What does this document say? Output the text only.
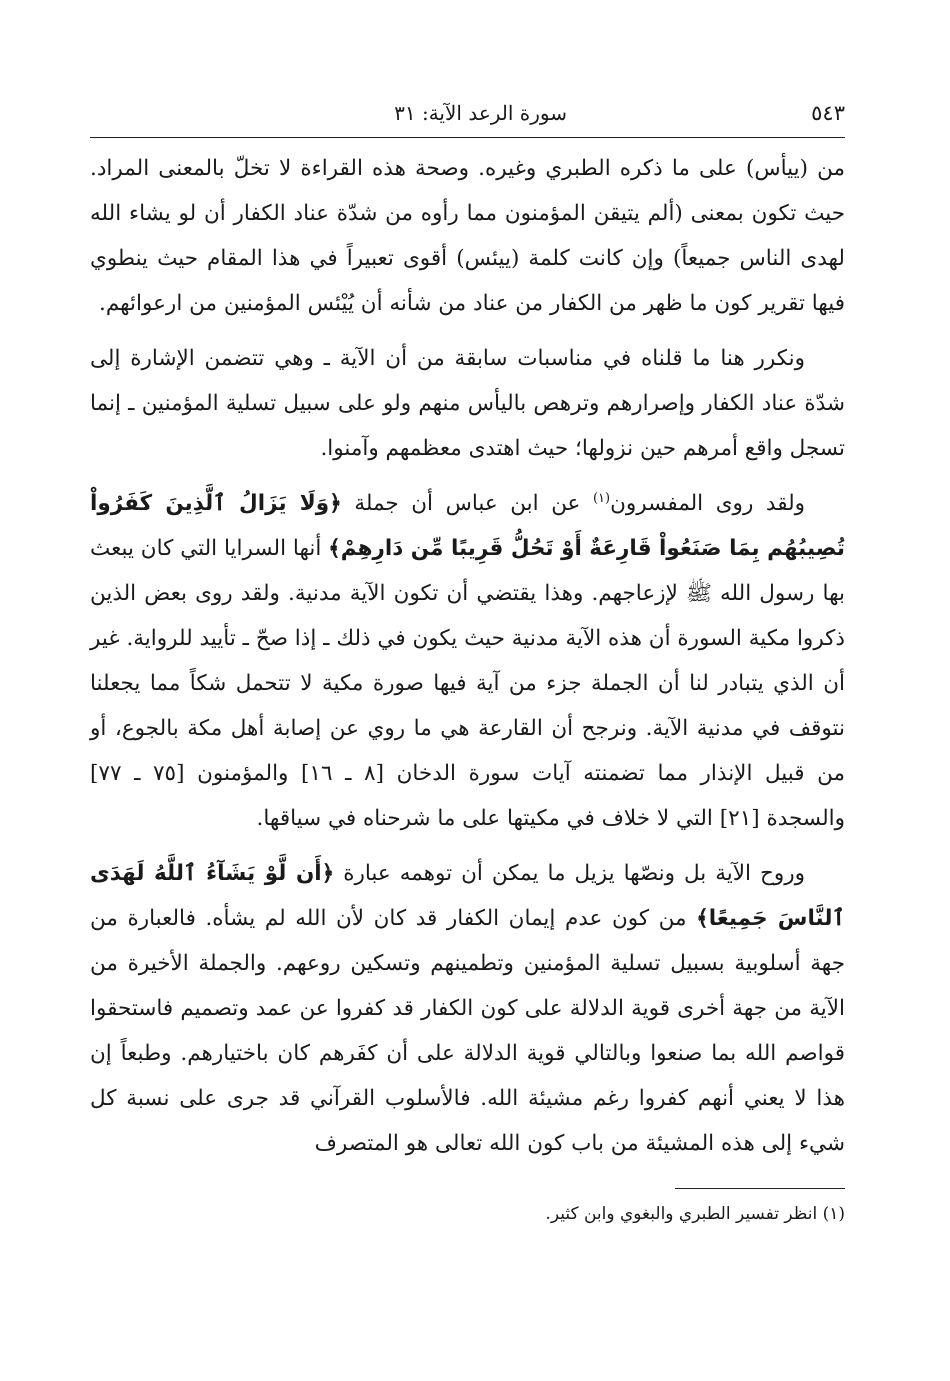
٥٤٣
سورة الرعد الآية: ٣١

من (ييأس) على ما ذكره الطبري وغيره. وصحة هذه القراءة لا تخلّ بالمعنى المراد. حيث تكون بمعنى (ألم يتيقن المؤمنون مما رأوه من شدّة عناد الكفار أن لو يشاء الله لهدى الناس جميعاً) وإن كانت كلمة (ييئس) أقوى تعبيراً في هذا المقام حيث ينطوي فيها تقرير كون ما ظهر من الكفار من عناد من شأنه أن يُيْئس المؤمنين من ارعوائهم.

ونكرر هنا ما قلناه في مناسبات سابقة من أن الآية ـ وهي تتضمن الإشارة إلى شدّة عناد الكفار وإصرارهم وترهص باليأس منهم ولو على سبيل تسلية المؤمنين ـ إنما تسجل واقع أمرهم حين نزولها؛ حيث اهتدى معظمهم وآمنوا.

ولقد روى المفسرون$^{(١)}$ عن ابن عباس أن جملة ﴿وَلَا يَزَالُ ٱلَّذِينَ كَفَرُواْ تُصِيبُهُم بِمَا صَنَعُواْ قَارِعَةٌ أَوْ تَحُلُّ قَرِيبًا مِّن دَارِهِمْ﴾ أنها السرايا التي كان يبعث بها رسول الله ﷺ لإزعاجهم. وهذا يقتضي أن تكون الآية مدنية. ولقد روى بعض الذين ذكروا مكية السورة أن هذه الآية مدنية حيث يكون في ذلك ـ إذا صحّ ـ تأييد للرواية. غير أن الذي يتبادر لنا أن الجملة جزء من آية فيها صورة مكية لا تتحمل شكاً مما يجعلنا نتوقف في مدنية الآية. ونرجح أن القارعة هي ما روي عن إصابة أهل مكة بالجوع، أو من قبيل الإنذار مما تضمنته آيات سورة الدخان [٨ ـ ١٦] والمؤمنون [٧٥ ـ ٧٧] والسجدة [٢١] التي لا خلاف في مكيتها على ما شرحناه في سياقها.

وروح الآية بل ونصّها يزيل ما يمكن أن توهمه عبارة ﴿أَن لَّوْ يَشَآءُ ٱللَّهُ لَهَدَى ٱلنَّاسَ جَمِيعًا﴾ من كون عدم إيمان الكفار قد كان لأن الله لم يشأه. فالعبارة من جهة أسلوبية بسبيل تسلية المؤمنين وتطمينهم وتسكين روعهم. والجملة الأخيرة من الآية من جهة أخرى قوية الدلالة على كون الكفار قد كفروا عن عمد وتصميم فاستحقوا قواصم الله بما صنعوا وبالتالي قوية الدلالة على أن كفَرهم كان باختيارهم. وطبعاً إن هذا لا يعني أنهم كفروا رغم مشيئة الله. فالأسلوب القرآني قد جرى على نسبة كل شيء إلى هذه المشيئة من باب كون الله تعالى هو المتصرف

(١) انظر تفسير الطبري والبغوي وابن كثير.
